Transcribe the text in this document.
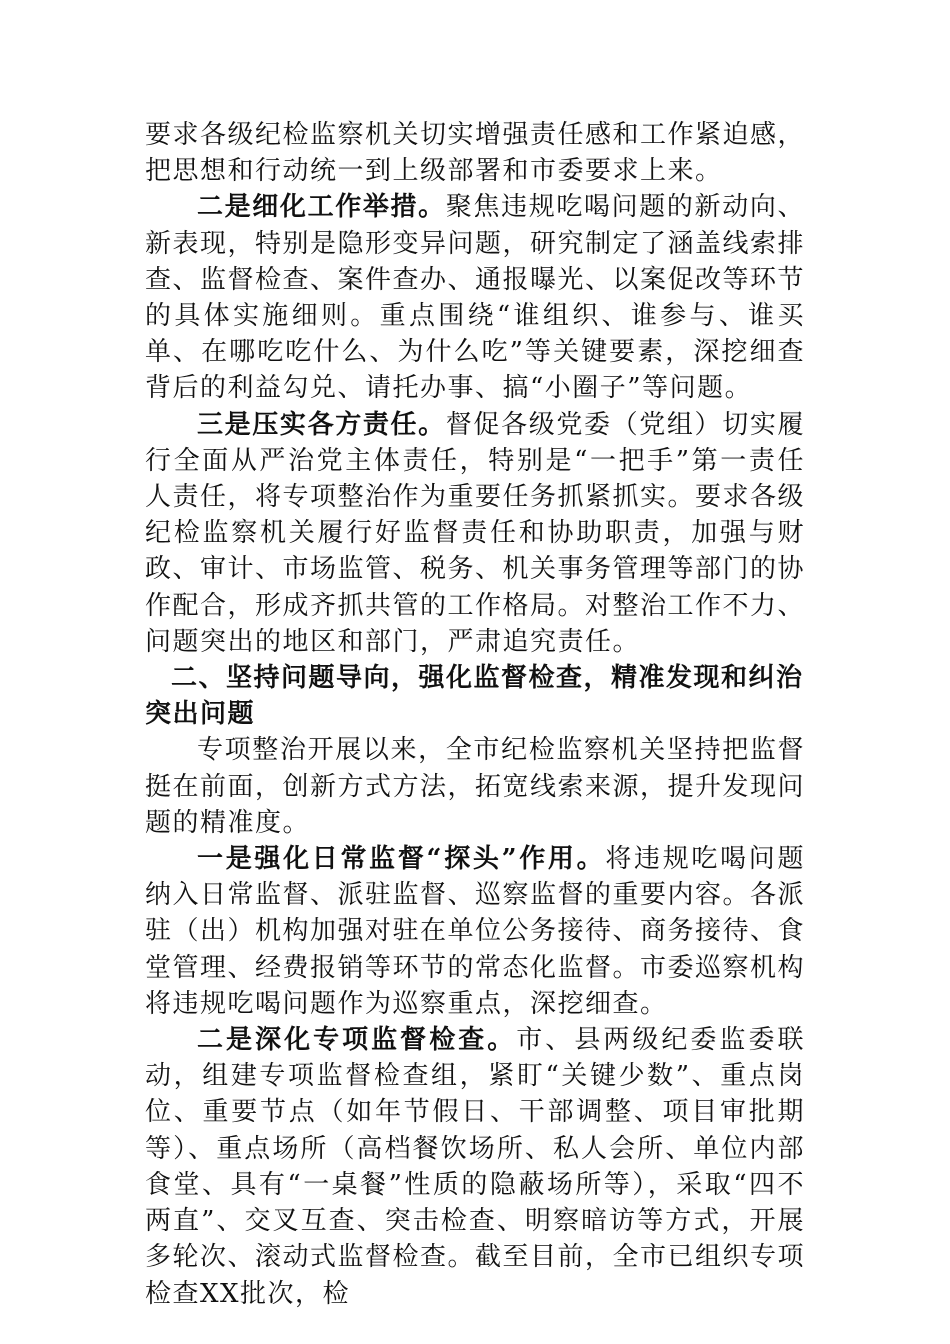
要求各级纪检监察机关切实增强责任感和工作紧迫感，把思想和行动统一到上级部署和市委要求上来。

二是细化工作举措。聚焦违规吃喝问题的新动向、新表现，特别是隐形变异问题，研究制定了涵盖线索排查、监督检查、案件查办、通报曝光、以案促改等环节的具体实施细则。重点围绕“谁组织、谁参与、谁买单、在哪吃吃什么、为什么吃”等关键要素，深挖细查背后的利益勾兑、请托办事、搞“小圈子”等问题。

三是压实各方责任。督促各级党委（党组）切实履行全面从严治党主体责任，特别是“一把手”第一责任人责任，将专项整治作为重要任务抓紧抓实。要求各级纪检监察机关履行好监督责任和协助职责，加强与财政、审计、市场监管、税务、机关事务管理等部门的协作配合，形成齐抓共管的工作格局。对整治工作不力、问题突出的地区和部门，严肃追究责任。

二、坚持问题导向，强化监督检查，精准发现和纠治突出问题

专项整治开展以来，全市纪检监察机关坚持把监督挺在前面，创新方式方法，拓宽线索来源，提升发现问题的精准度。

一是强化日常监督“探头”作用。将违规吃喝问题纳入日常监督、派驻监督、巡察监督的重要内容。各派驻（出）机构加强对驻在单位公务接待、商务接待、食堂管理、经费报销等环节的常态化监督。市委巡察机构将违规吃喝问题作为巡察重点，深挖细查。

二是深化专项监督检查。市、县两级纪委监委联动，组建专项监督检查组，紧盯“关键少数”、重点岗位、重要节点（如年节假日、干部调整、项目审批期等）、重点场所（高档餐饮场所、私人会所、单位内部食堂、具有“一桌餐”性质的隐蔽场所等），采取“四不两直”、交叉互查、突击检查、明察暗访等方式，开展多轮次、滚动式监督检查。截至目前，全市已组织专项检查XX批次，检
